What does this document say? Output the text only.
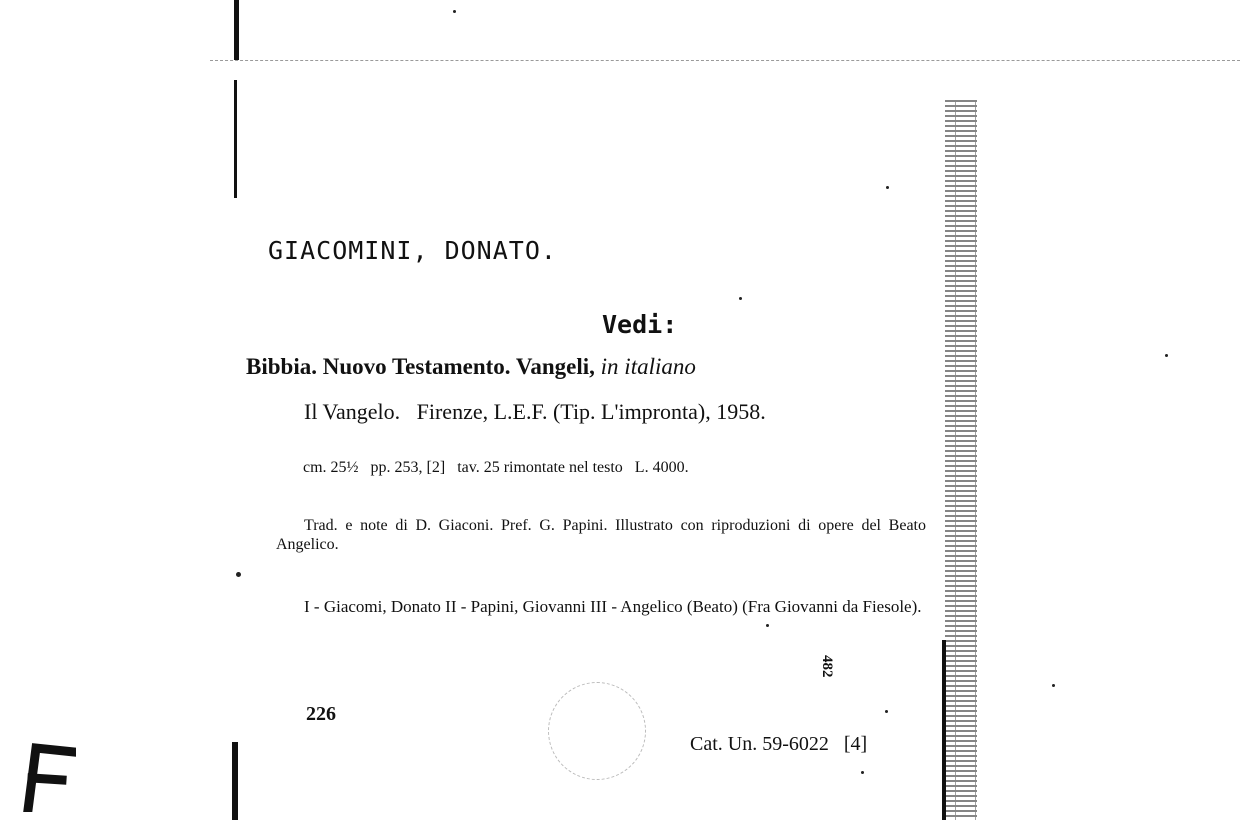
GIACOMINI, DONATO.
Vedi:
Bibbia. Nuovo Testamento. Vangeli, in italiano
Il Vangelo.   Firenze, L.E.F. (Tip. L'impronta), 1958.
cm. 25½   pp. 253, [2]   tav. 25 rimontate nel testo   L. 4000.
Trad. e note di D. Giaconi. Pref. G. Papini. Illustrato con riproduzioni di opere del Beato Angelico.
I - Giacomi, Donato II - Papini, Giovanni III - Angelico (Beato) (Fra Giovanni da Fiesole).
226
482
Cat. Un. 59-6022   [4]
